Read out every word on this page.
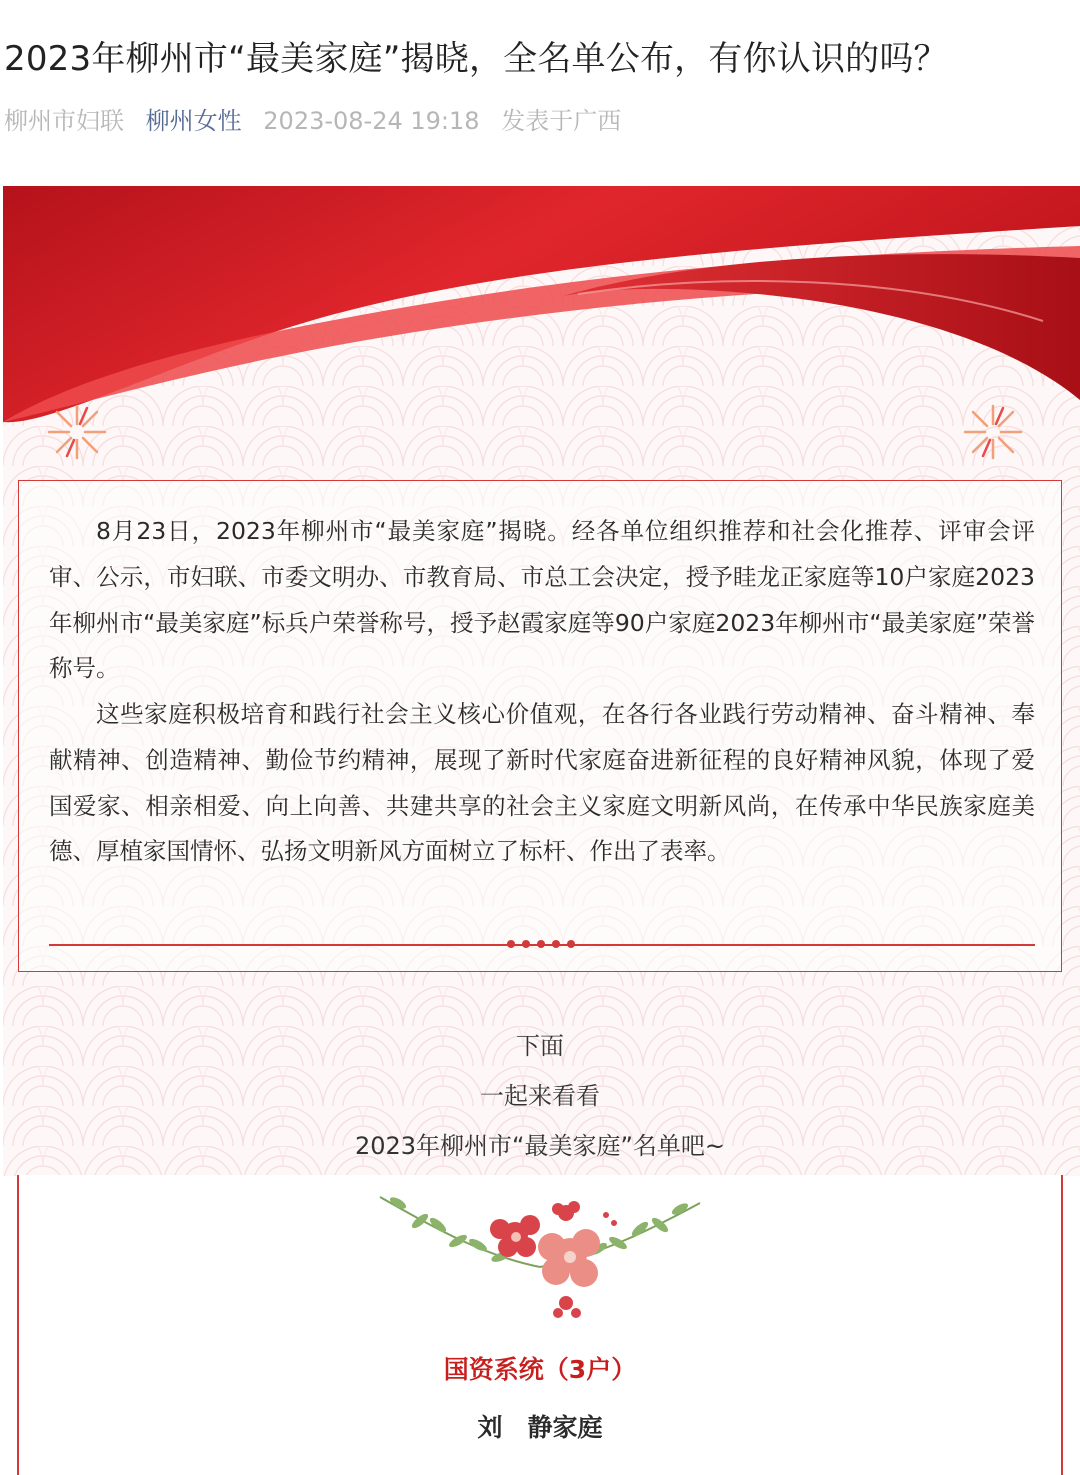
2023年柳州市“最美家庭”揭晓，全名单公布，有你认识的吗？
柳州市妇联 柳州女性 2023-08-24 19:18 发表于广西

8月23日，2023年柳州市“最美家庭”揭晓。经各单位组织推荐和社会化推荐、评审会评审、公示，市妇联、市委文明办、市教育局、市总工会决定，授予眭龙正家庭等10户家庭2023年柳州市“最美家庭”标兵户荣誉称号，授予赵霞家庭等90户家庭2023年柳州市“最美家庭”荣誉称号。

这些家庭积极培育和践行社会主义核心价值观，在各行各业践行劳动精神、奋斗精神、奉献精神、创造精神、勤俭节约精神，展现了新时代家庭奋进新征程的良好精神风貌，体现了爱国爱家、相亲相爱、向上向善、共建共享的社会主义家庭文明新风尚，在传承中华民族家庭美德、厚植家国情怀、弘扬文明新风方面树立了标杆、作出了表率。

下面
一起来看看
2023年柳州市“最美家庭”名单吧~
国资系统（3户）
刘　静家庭
